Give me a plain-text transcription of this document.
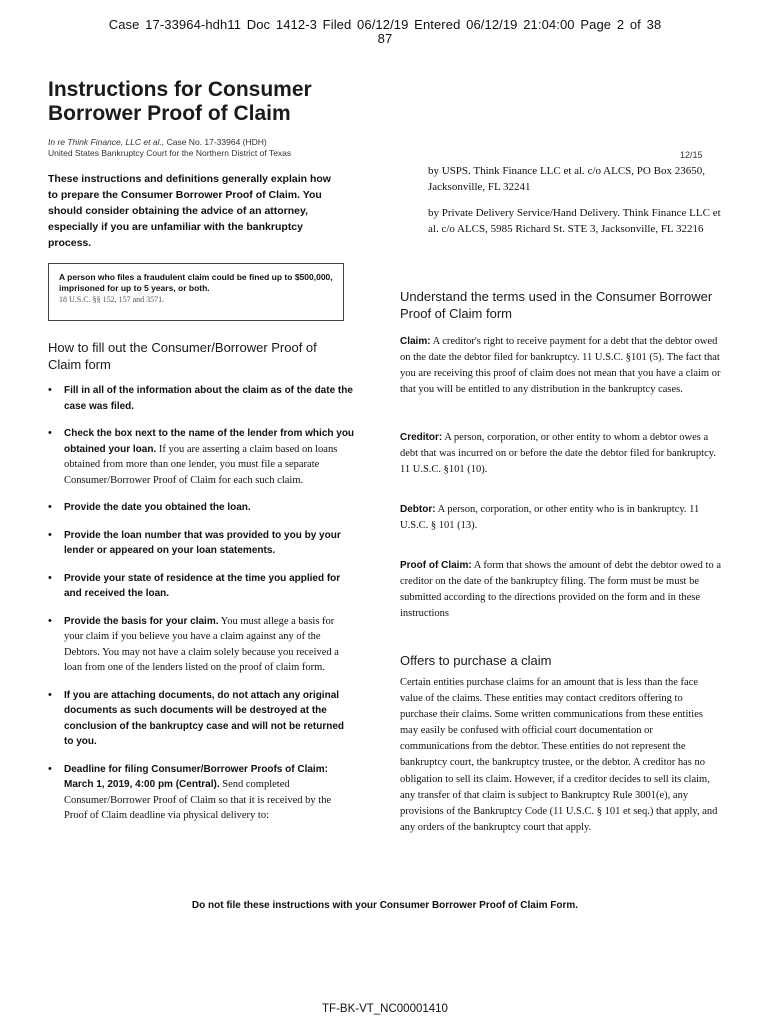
Case 17-33964-hdh11 Doc 1412-3 Filed 06/12/19 Entered 06/12/19 21:04:00 Page 2 of 38
87
Instructions for Consumer
Borrower Proof of Claim
In re Think Finance, LLC et al., Case No. 17-33964 (HDH)
United States Bankruptcy Court for the Northern District of Texas	12/15
These instructions and definitions generally explain how to prepare the Consumer Borrower Proof of Claim. You should consider obtaining the advice of an attorney, especially if you are unfamiliar with the bankruptcy process.
A person who files a fraudulent claim could be fined up to $500,000, imprisoned for up to 5 years, or both.
18 U.S.C. §§ 152, 157 and 3571.
How to fill out the Consumer/Borrower Proof of Claim form
• Fill in all of the information about the claim as of the date the case was filed.
• Check the box next to the name of the lender from which you obtained your loan. If you are asserting a claim based on loans obtained from more than one lender, you must file a separate Consumer/Borrower Proof of Claim for each such claim.
• Provide the date you obtained the loan.
• Provide the loan number that was provided to you by your lender or appeared on your loan statements.
• Provide your state of residence at the time you applied for and received the loan.
• Provide the basis for your claim. You must allege a basis for your claim if you believe you have a claim against any of the Debtors. You may not have a claim solely because you received a loan from one of the lenders listed on the proof of claim form.
• If you are attaching documents, do not attach any original documents as such documents will be destroyed at the conclusion of the bankruptcy case and will not be returned to you.
• Deadline for filing Consumer/Borrower Proofs of Claim: March 1, 2019, 4:00 pm (Central). Send completed Consumer/Borrower Proof of Claim so that it is received by the Proof of Claim deadline via physical delivery to:
by USPS. Think Finance LLC et al. c/o ALCS, PO Box 23650, Jacksonville, FL 32241
by Private Delivery Service/Hand Delivery. Think Finance LLC et al. c/o ALCS, 5985 Richard St. STE 3, Jacksonville, FL 32216
Understand the terms used in the Consumer Borrower Proof of Claim form
Claim: A creditor's right to receive payment for a debt that the debtor owed on the date the debtor filed for bankruptcy. 11 U.S.C. §101 (5). The fact that you are receiving this proof of claim does not mean that you have a claim or that you will be entitled to any distribution in the bankruptcy cases.
Creditor: A person, corporation, or other entity to whom a debtor owes a debt that was incurred on or before the date the debtor filed for bankruptcy. 11 U.S.C. §101 (10).
Debtor: A person, corporation, or other entity who is in bankruptcy. 11 U.S.C. § 101 (13).
Proof of Claim: A form that shows the amount of debt the debtor owed to a creditor on the date of the bankruptcy filing. The form must be must be submitted according to the directions provided on the form and in these instructions
Offers to purchase a claim
Certain entities purchase claims for an amount that is less than the face value of the claims. These entities may contact creditors offering to purchase their claims. Some written communications from these entities may easily be confused with official court documentation or communications from the debtor. These entities do not represent the bankruptcy court, the bankruptcy trustee, or the debtor. A creditor has no obligation to sell its claim. However, if a creditor decides to sell its claim, any transfer of that claim is subject to Bankruptcy Rule 3001(e), any provisions of the Bankruptcy Code (11 U.S.C. § 101 et seq.) that apply, and any orders of the bankruptcy court that apply.
Do not file these instructions with your Consumer Borrower Proof of Claim Form.
TF-BK-VT_NC00001410
